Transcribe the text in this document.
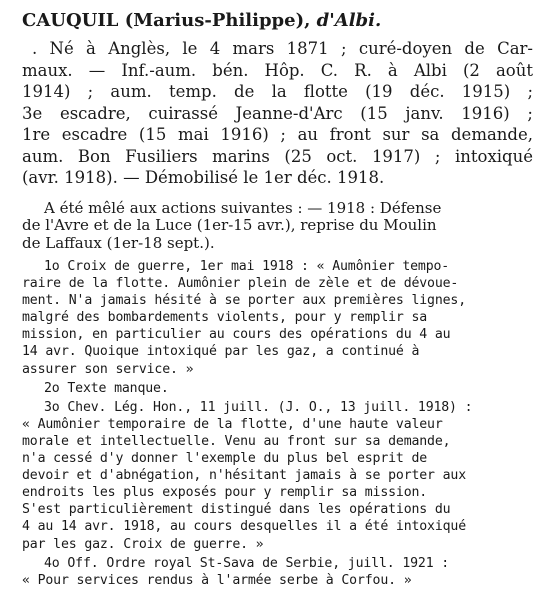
CAUQUIL (Marius-Philippe), d'Albi.
. Né à Anglès, le 4 mars 1871 ; curé-doyen de Car-
maux. — Inf.-aum. bén. Hôp. C. R. à Albi (2 août
1914) ; aum. temp. de la flotte (19 déc. 1915) ;
3e escadre, cuirassé Jeanne-d'Arc (15 janv. 1916) ;
1re escadre (15 mai 1916) ; au front sur sa demande,
aum. Bon Fusiliers marins (25 oct. 1917) ; intoxiqué
(avr. 1918). — Démobilisé le 1er déc. 1918.
A été mêlé aux actions suivantes : — 1918 : Défense
de l'Avre et de la Luce (1er-15 avr.), reprise du Moulin
de Laffaux (1er-18 sept.).
1o Croix de guerre, 1er mai 1918 : « Aumônier tempo-
raire de la flotte. Aumônier plein de zèle et de dévoue-
ment. N'a jamais hésité à se porter aux premières lignes,
malgré des bombardements violents, pour y remplir sa
mission, en particulier au cours des opérations du 4 au
14 avr. Quoique intoxiqué par les gaz, a continué à
assurer son service. »
2o Texte manque.
3o Chev. Lég. Hon., 11 juill. (J. O., 13 juill. 1918) :
« Aumônier temporaire de la flotte, d'une haute valeur
morale et intellectuelle. Venu au front sur sa demande,
n'a cessé d'y donner l'exemple du plus bel esprit de
devoir et d'abnégation, n'hésitant jamais à se porter aux
endroits les plus exposés pour y remplir sa mission.
S'est particulièrement distingué dans les opérations du
4 au 14 avr. 1918, au cours desquelles il a été intoxiqué
par les gaz. Croix de guerre. »
4o Off. Ordre royal St-Sava de Serbie, juill. 1921 :
« Pour services rendus à l'armée serbe à Corfou. »
